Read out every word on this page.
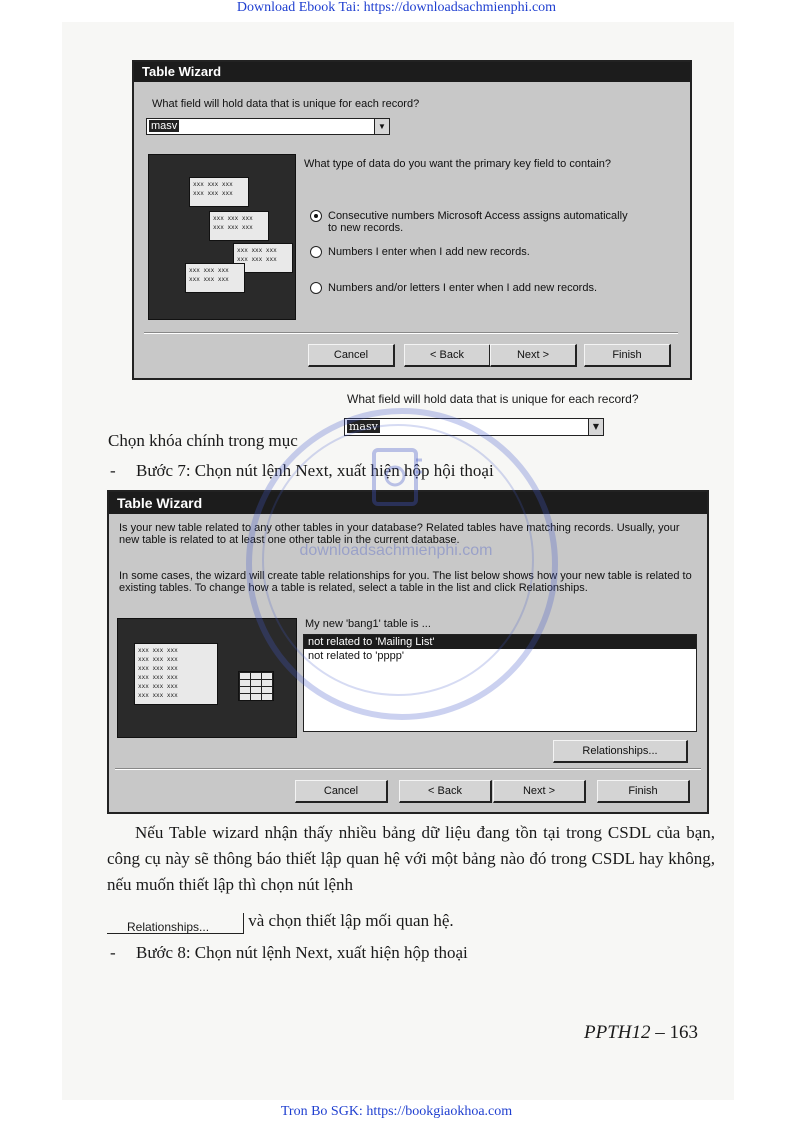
Download Ebook Tai: https://downloadsachmienphi.com
Table Wizard
What field will hold data that is unique for each record?
masv	▼
What type of data do you want the primary key field to contain?
xxx xxx xxx
xxx xxx xxx
xxx xxx xxx
xxx xxx xxx
xxx xxx xxx
xxx xxx xxx
xxx xxx xxx
xxx xxx xxx
Consecutive numbers Microsoft Access assigns automatically
to new records.
Numbers I enter when I add new records.
Numbers and/or letters I enter when I add new records.
Cancel	< Back	Next >	Finish
What field will hold data that is unique for each record?
masv	▼
Chọn khóa chính trong mục
- Bước 7: Chọn nút lệnh Next, xuất hiện hộp hội thoại
Table Wizard
Is your new table related to any other tables in your database? Related tables have matching records. Usually, your new table is related to at least one other table in the current database.
In some cases, the wizard will create table relationships for you. The list below shows how your new table is related to existing tables. To change how a table is related, select a table in the list and click Relationships.
xxx xxx xxx
xxx xxx xxx
xxx xxx xxx
xxx xxx xxx
xxx xxx xxx
xxx xxx xxx
My new 'bang1' table is ...
not related to 'Mailing List'
not related to 'pppp'
Relationships...
Cancel	< Back	Next >	Finish
Nếu Table wizard nhận thấy nhiều bảng dữ liệu đang tồn tại trong CSDL của bạn, công cụ này sẽ thông báo thiết lập quan hệ với một bảng nào đó trong CSDL hay không, nếu muốn thiết lập thì chọn nút lệnh
Relationships... và chọn thiết lập mối quan hệ.
- Bước 8: Chọn nút lệnh Next, xuất hiện hộp thoại
PPTH12 – 163
Tron Bo SGK: https://bookgiaokhoa.com
downloadsachmienphi.com
